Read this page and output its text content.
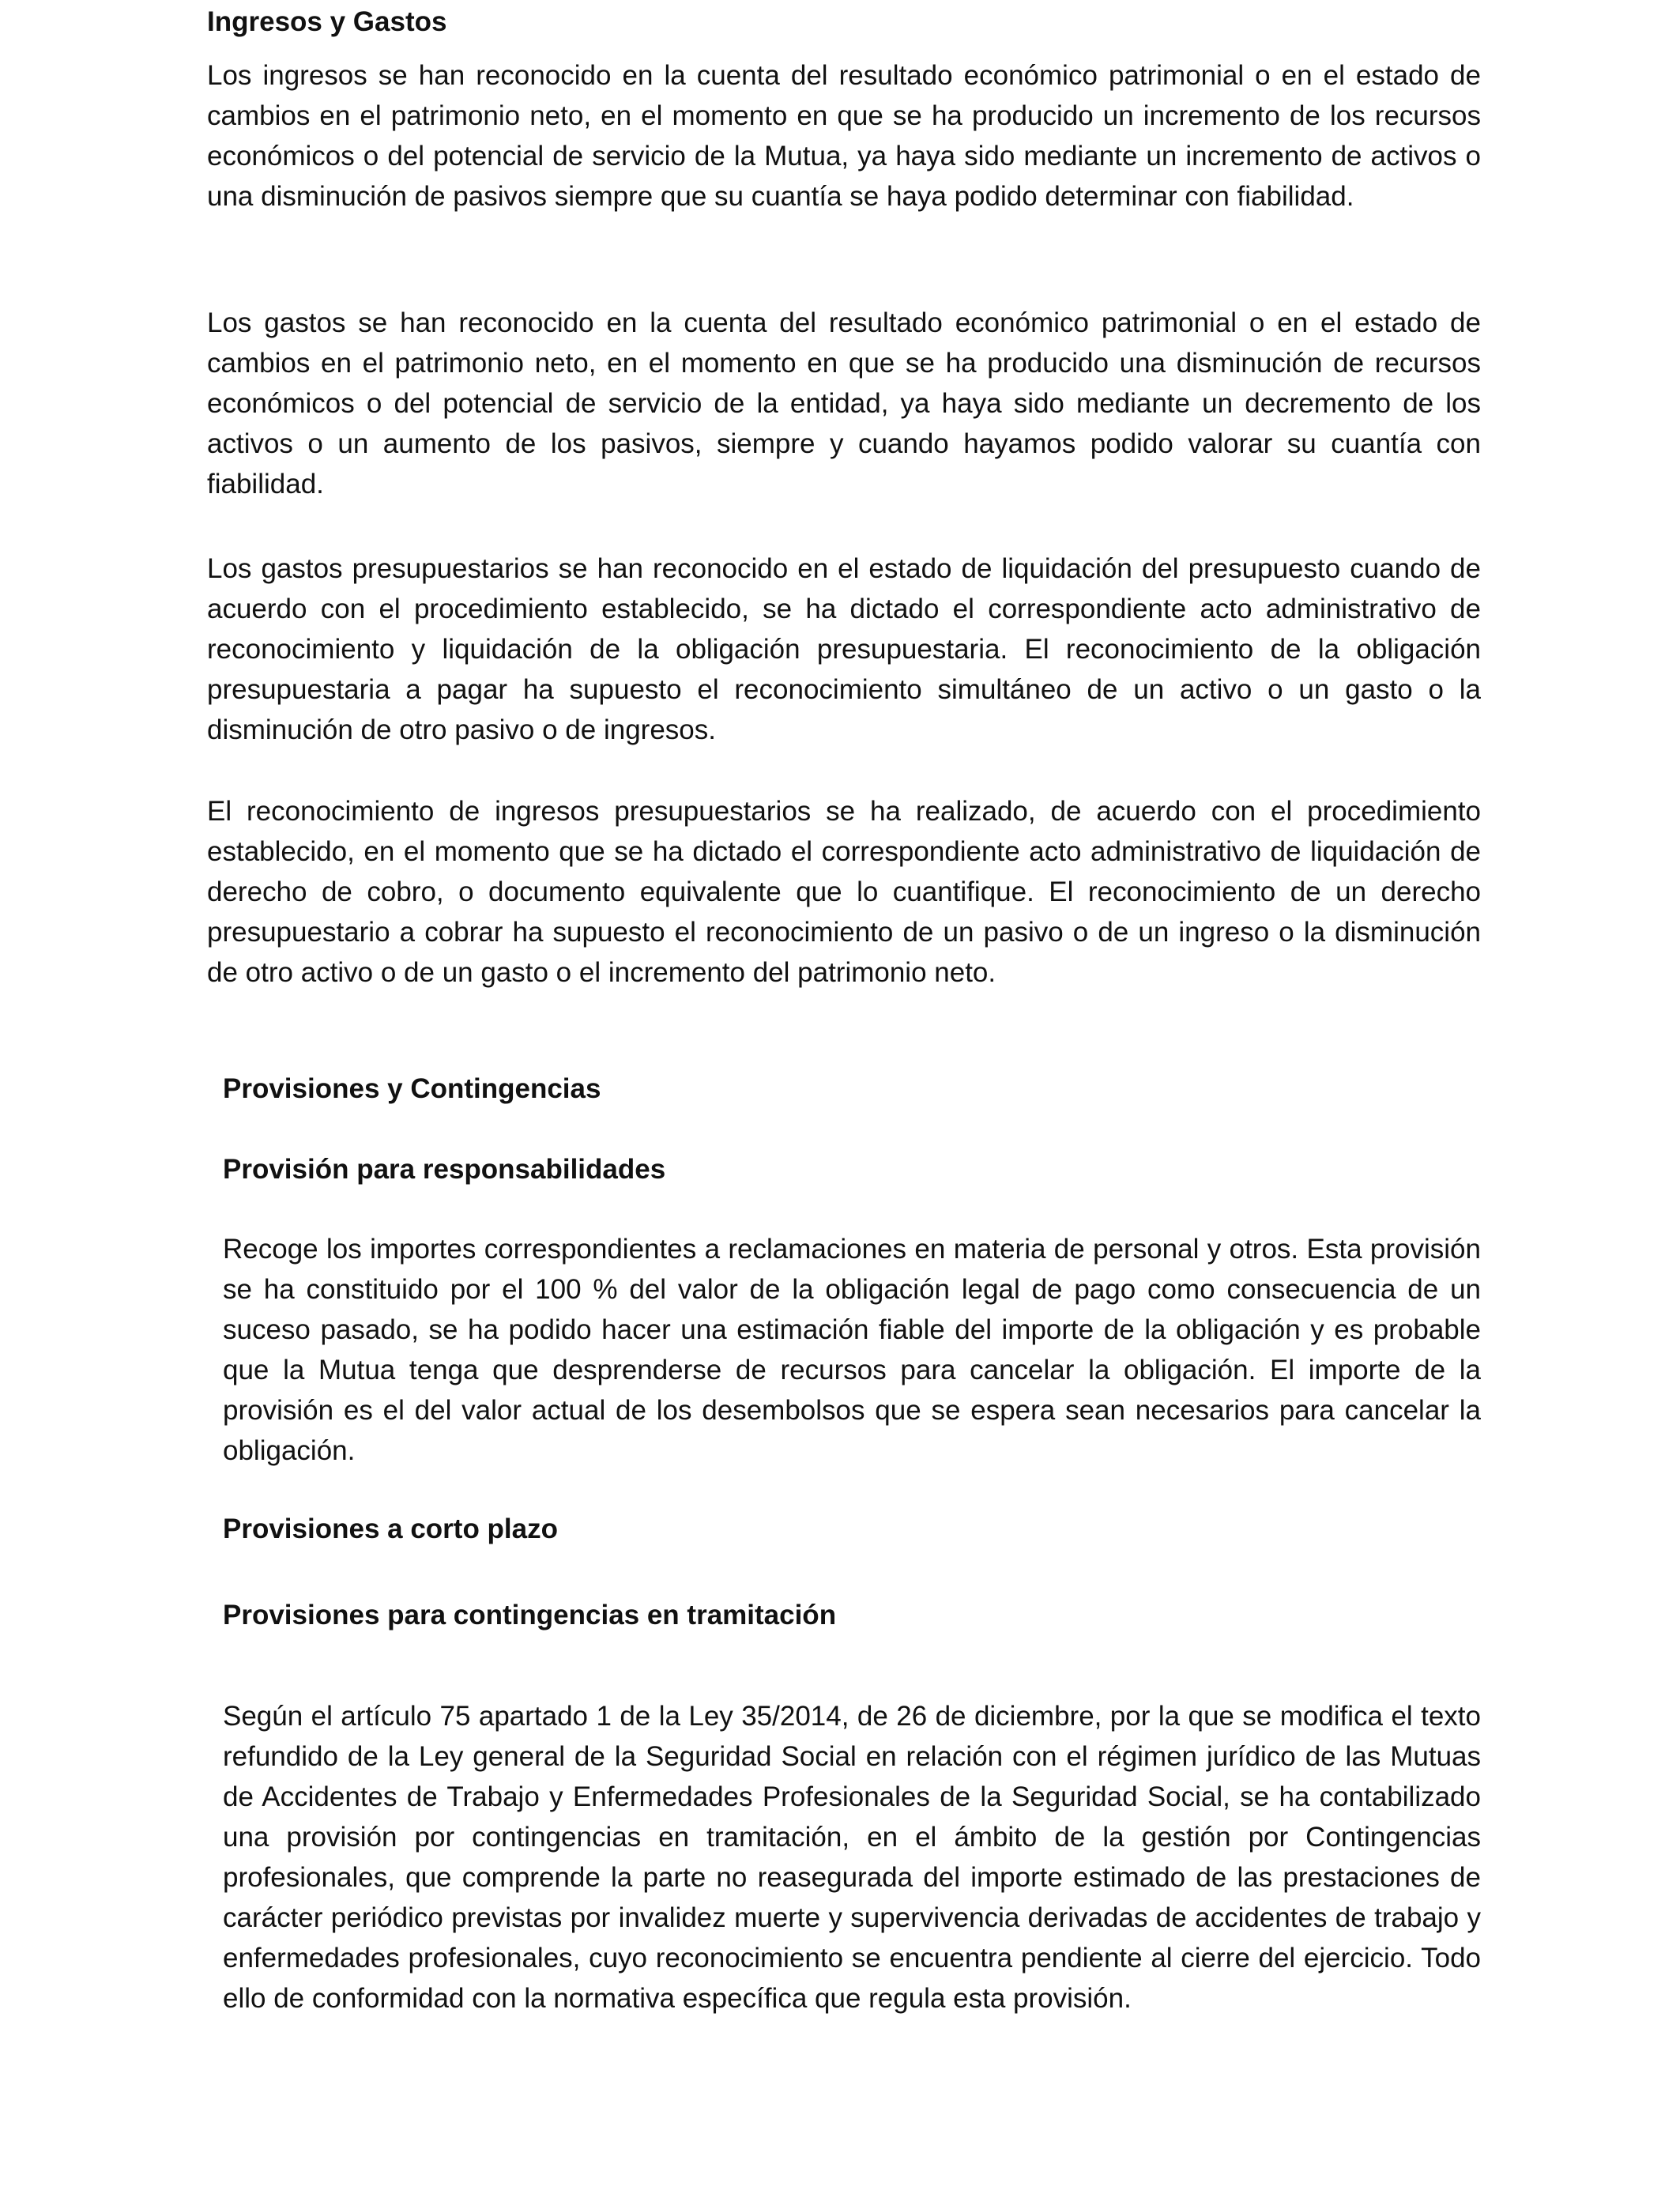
Ingresos y Gastos

Los ingresos se han reconocido en la cuenta del resultado económico patrimonial o en el estado de cambios en el patrimonio neto, en el momento en que se ha producido un incremento de los recursos económicos o del potencial de servicio de la Mutua, ya haya sido mediante un incremento de activos o una disminución de pasivos siempre que su cuantía se haya podido determinar con fiabilidad.

Los gastos se han reconocido en la cuenta del resultado económico patrimonial o en el estado de cambios en el patrimonio neto, en el momento en que se ha producido una disminución de recursos económicos o del potencial de servicio de la entidad, ya haya sido mediante un decremento de los activos o un aumento de los pasivos, siempre y cuando hayamos podido valorar su cuantía con fiabilidad.

Los gastos presupuestarios se han reconocido en el estado de liquidación del presupuesto cuando de acuerdo con el procedimiento establecido, se ha dictado el correspondiente acto administrativo de reconocimiento y liquidación de la obligación presupuestaria. El reconocimiento de la obligación presupuestaria a pagar ha supuesto el reconocimiento simultáneo de un activo o un gasto o la disminución de otro pasivo o de ingresos.

El reconocimiento de ingresos presupuestarios se ha realizado, de acuerdo con el procedimiento establecido, en el momento que se ha dictado el correspondiente acto administrativo de liquidación de derecho de cobro, o documento equivalente que lo cuantifique. El reconocimiento de un derecho presupuestario a cobrar ha supuesto el reconocimiento de un pasivo o de un ingreso o la disminución de otro activo o de un gasto o el incremento del patrimonio neto.

Provisiones y Contingencias
Provisión para responsabilidades

Recoge los importes correspondientes a reclamaciones en materia de personal y otros. Esta provisión se ha constituido por el 100 % del valor de la obligación legal de pago como consecuencia de un suceso pasado, se ha podido hacer una estimación fiable del importe de la obligación y es probable que la Mutua tenga que desprenderse de recursos para cancelar la obligación. El importe de la provisión es el del valor actual de los desembolsos que se espera sean necesarios para cancelar la obligación.

Provisiones a corto plazo
Provisiones para contingencias en tramitación

Según el artículo 75 apartado 1 de la Ley 35/2014, de 26 de diciembre, por la que se modifica el texto refundido de la Ley general de la Seguridad Social en relación con el régimen jurídico de las Mutuas de Accidentes de Trabajo y Enfermedades Profesionales de la Seguridad Social, se ha contabilizado una provisión por contingencias en tramitación, en el ámbito de la gestión por Contingencias profesionales, que comprende la parte no reasegurada del importe estimado de las prestaciones de carácter periódico previstas por invalidez muerte y supervivencia derivadas de accidentes de trabajo y enfermedades profesionales, cuyo reconocimiento se encuentra pendiente al cierre del ejercicio. Todo ello de conformidad con la normativa específica que regula esta provisión.
